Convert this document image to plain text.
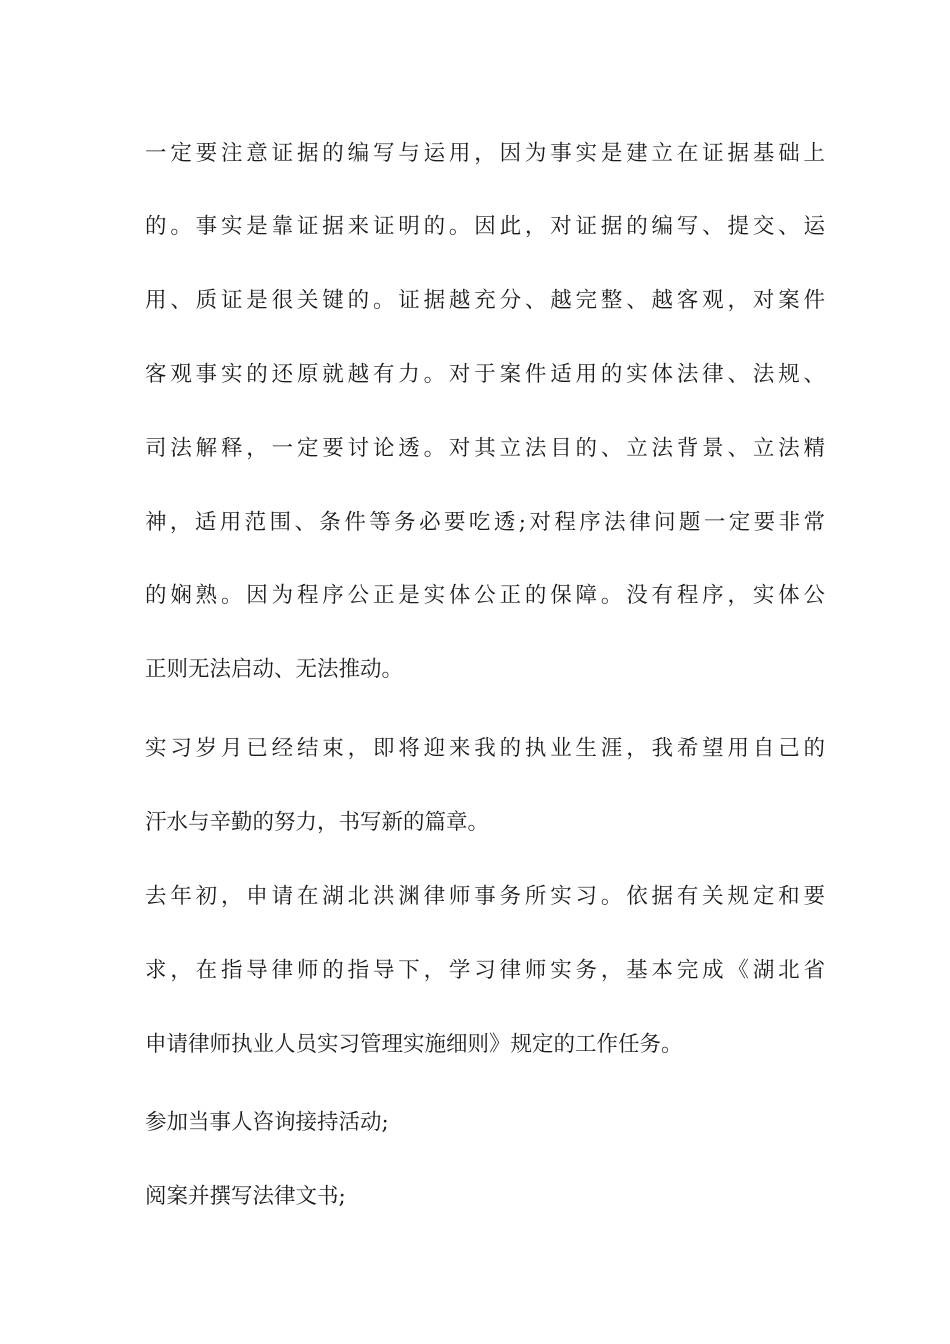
一定要注意证据的编写与运用，因为事实是建立在证据基础上
的。事实是靠证据来证明的。因此，对证据的编写、提交、运
用、质证是很关键的。证据越充分、越完整、越客观，对案件
客观事实的还原就越有力。对于案件适用的实体法律、法规、
司法解释，一定要讨论透。对其立法目的、立法背景、立法精
神，适用范围、条件等务必要吃透;对程序法律问题一定要非常
的娴熟。因为程序公正是实体公正的保障。没有程序，实体公
正则无法启动、无法推动。
实习岁月已经结束，即将迎来我的执业生涯，我希望用自己的
汗水与辛勤的努力，书写新的篇章。
去年初，申请在湖北洪渊律师事务所实习。依据有关规定和要
求，在指导律师的指导下，学习律师实务，基本完成《湖北省
申请律师执业人员实习管理实施细则》规定的工作任务。
参加当事人咨询接持活动;
阅案并撰写法律文书;
